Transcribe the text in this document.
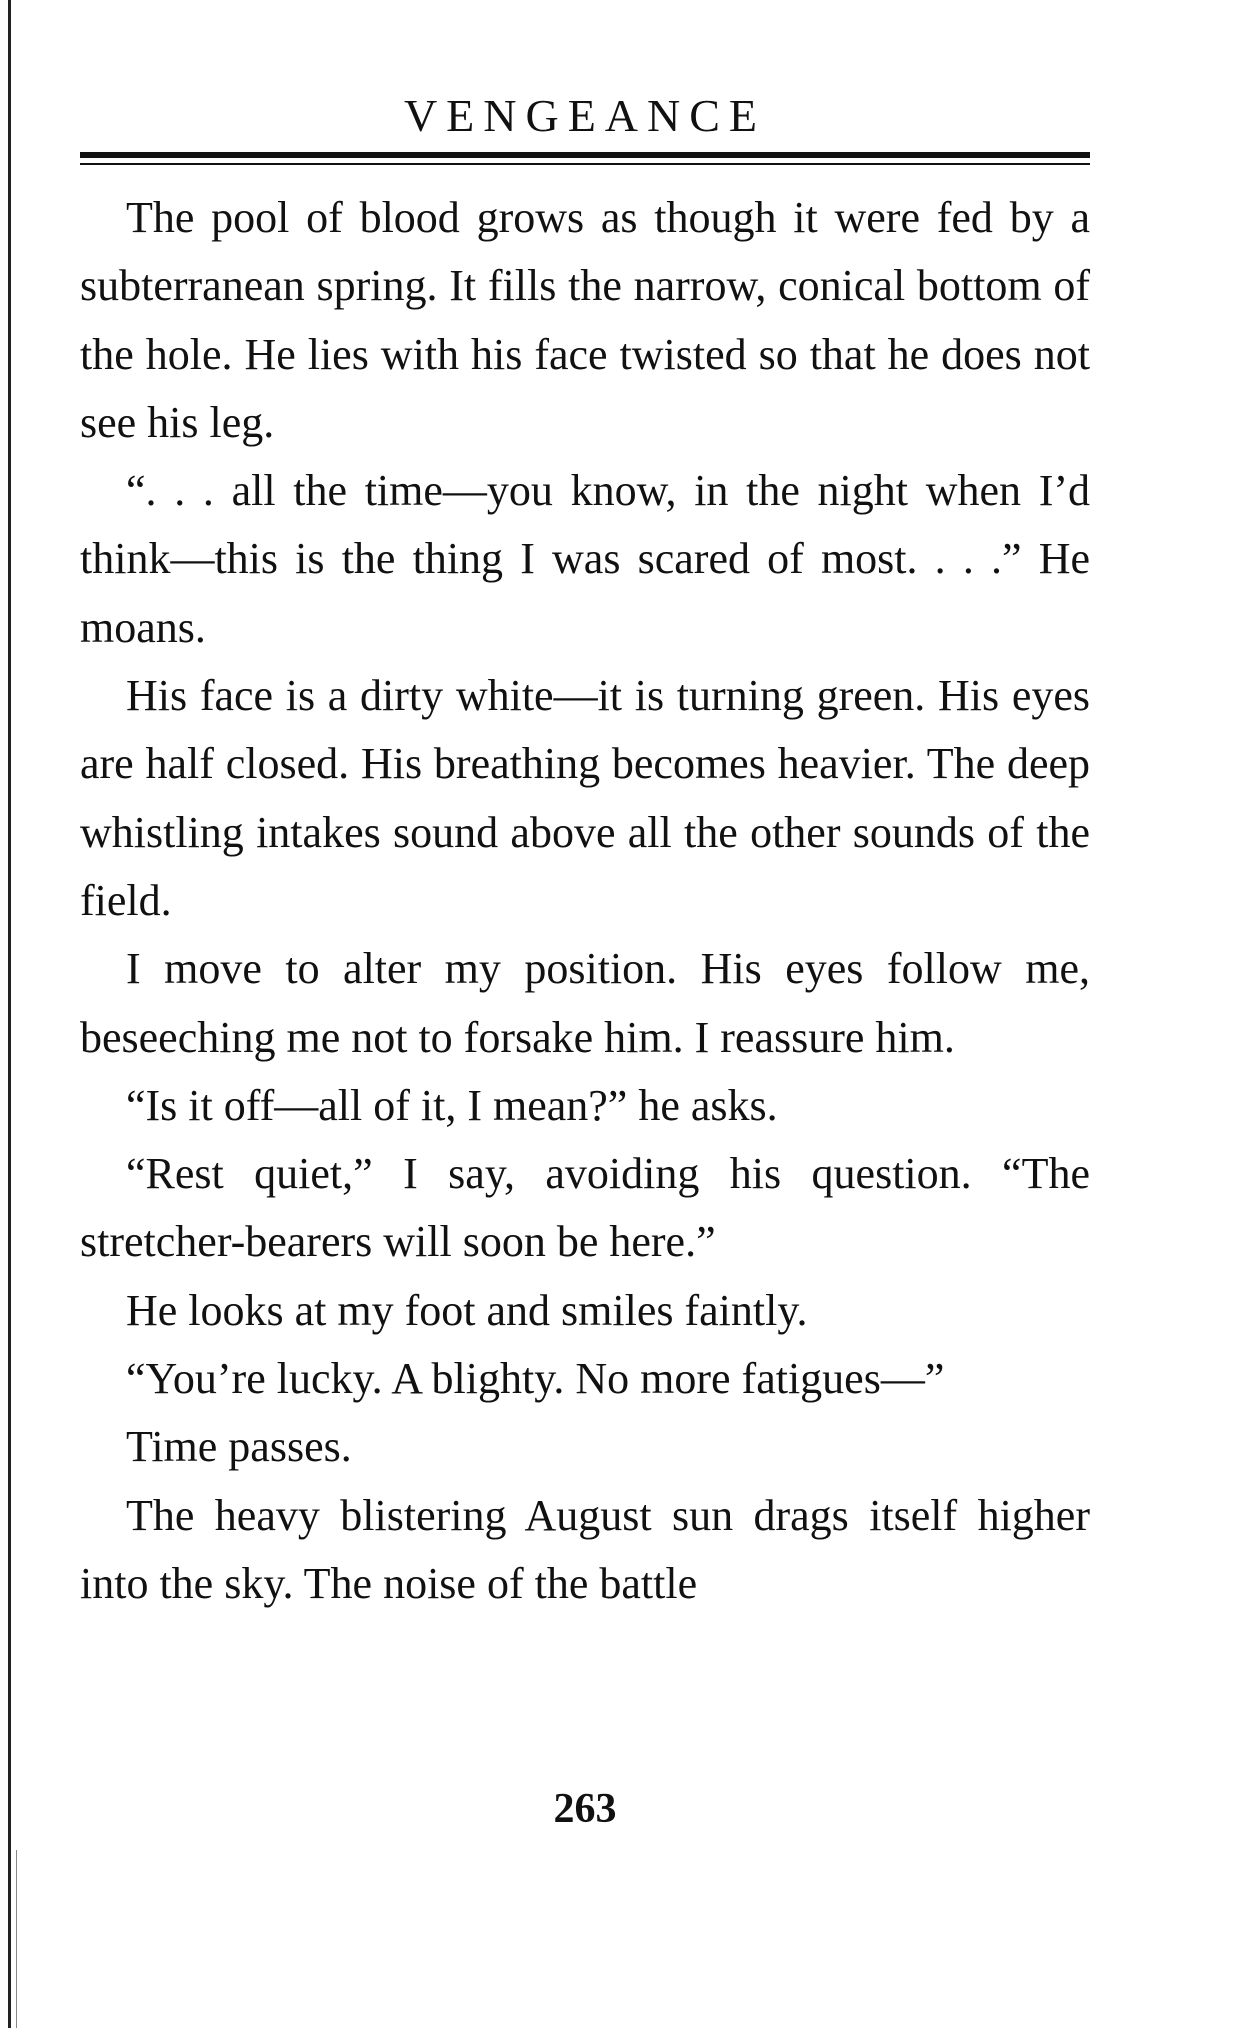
VENGEANCE

The pool of blood grows as though it were fed by a subterranean spring. It fills the narrow, conical bottom of the hole. He lies with his face twisted so that he does not see his leg.

“. . . all the time—you know, in the night when I’d think—this is the thing I was scared of most. . . .” He moans.

His face is a dirty white—it is turning green. His eyes are half closed. His breathing becomes heavier. The deep whistling intakes sound above all the other sounds of the field.

I move to alter my position. His eyes follow me, beseeching me not to forsake him. I reassure him.

“Is it off—all of it, I mean?” he asks.

“Rest quiet,” I say, avoiding his question. “The stretcher-bearers will soon be here.”

He looks at my foot and smiles faintly.

“You’re lucky. A blighty. No more fatigues—”

Time passes.

The heavy blistering August sun drags itself higher into the sky. The noise of the battle

263
